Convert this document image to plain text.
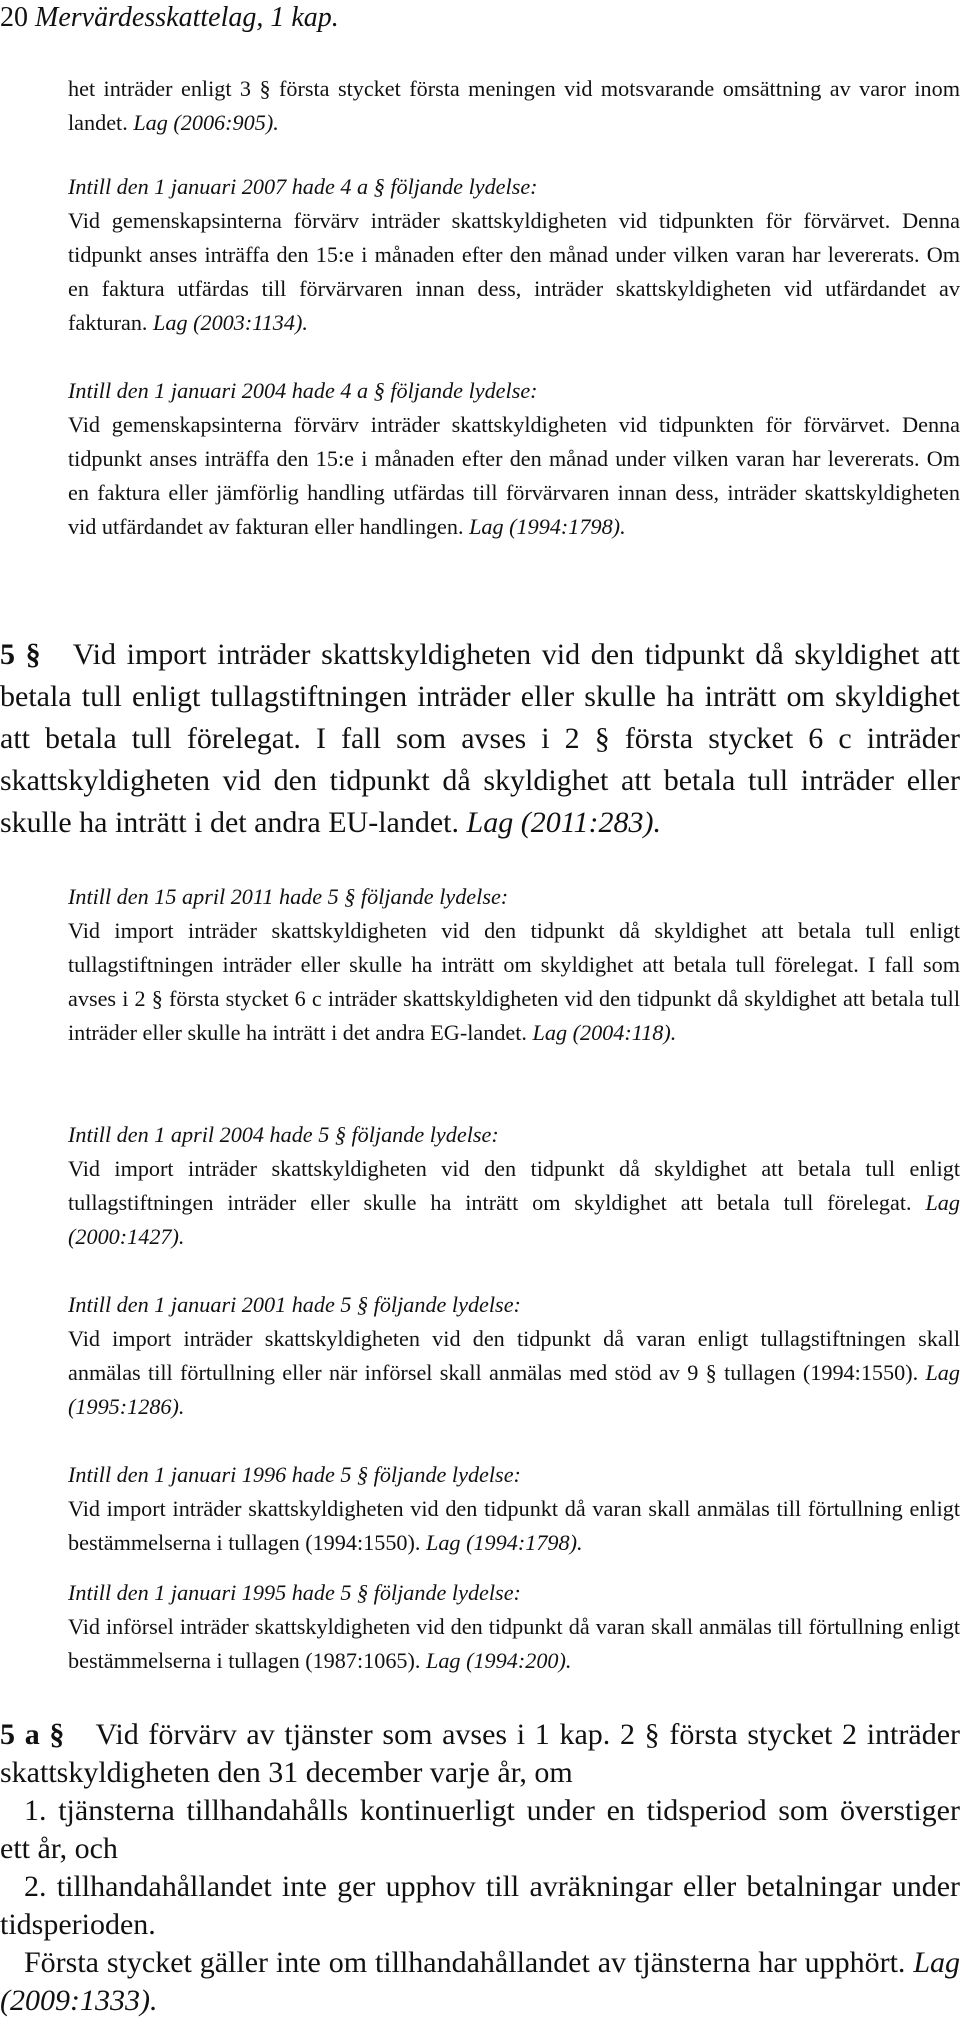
20 Mervärdesskattelag, 1 kap.
het inträder enligt 3 § första stycket första meningen vid motsvarande omsättning av varor inom landet. Lag (2006:905).
Intill den 1 januari 2007 hade 4 a § följande lydelse:
Vid gemenskapsinterna förvärv inträder skattskyldigheten vid tidpunkten för förvärvet. Denna tidpunkt anses inträffa den 15:e i månaden efter den månad under vilken varan har levererats. Om en faktura utfärdas till förvärvaren innan dess, inträder skattskyldigheten vid utfärdandet av fakturan. Lag (2003:1134).
Intill den 1 januari 2004 hade 4 a § följande lydelse:
Vid gemenskapsinterna förvärv inträder skattskyldigheten vid tidpunkten för förvärvet. Denna tidpunkt anses inträffa den 15:e i månaden efter den månad under vilken varan har levererats. Om en faktura eller jämförlig handling utfärdas till förvärvaren innan dess, inträder skattskyldigheten vid utfärdandet av fakturan eller handlingen. Lag (1994:1798).
5 § Vid import inträder skattskyldigheten vid den tidpunkt då skyldighet att betala tull enligt tullagstiftningen inträder eller skulle ha inträtt om skyldighet att betala tull förelegat. I fall som avses i 2 § första stycket 6 c inträder skattskyldigheten vid den tidpunkt då skyldighet att betala tull inträder eller skulle ha inträtt i det andra EU-landet. Lag (2011:283).
Intill den 15 april 2011 hade 5 § följande lydelse:
Vid import inträder skattskyldigheten vid den tidpunkt då skyldighet att betala tull enligt tullagstiftningen inträder eller skulle ha inträtt om skyldighet att betala tull förelegat. I fall som avses i 2 § första stycket 6 c inträder skattskyldigheten vid den tidpunkt då skyldighet att betala tull inträder eller skulle ha inträtt i det andra EG-landet. Lag (2004:118).
Intill den 1 april 2004 hade 5 § följande lydelse:
Vid import inträder skattskyldigheten vid den tidpunkt då skyldighet att betala tull enligt tullagstiftningen inträder eller skulle ha inträtt om skyldighet att betala tull förelegat. Lag (2000:1427).
Intill den 1 januari 2001 hade 5 § följande lydelse:
Vid import inträder skattskyldigheten vid den tidpunkt då varan enligt tullagstiftningen skall anmälas till förtullning eller när införsel skall anmälas med stöd av 9 § tullagen (1994:1550). Lag (1995:1286).
Intill den 1 januari 1996 hade 5 § följande lydelse:
Vid import inträder skattskyldigheten vid den tidpunkt då varan skall anmälas till förtullning enligt bestämmelserna i tullagen (1994:1550). Lag (1994:1798).
Intill den 1 januari 1995 hade 5 § följande lydelse:
Vid införsel inträder skattskyldigheten vid den tidpunkt då varan skall anmälas till förtullning enligt bestämmelserna i tullagen (1987:1065). Lag (1994:200).
5 a § Vid förvärv av tjänster som avses i 1 kap. 2 § första stycket 2 inträder skattskyldigheten den 31 december varje år, om
1. tjänsterna tillhandahålls kontinuerligt under en tidsperiod som överstiger ett år, och
2. tillhandahållandet inte ger upphov till avräkningar eller betalningar under tidsperioden.
Första stycket gäller inte om tillhandahållandet av tjänsterna har upphört. Lag (2009:1333).
